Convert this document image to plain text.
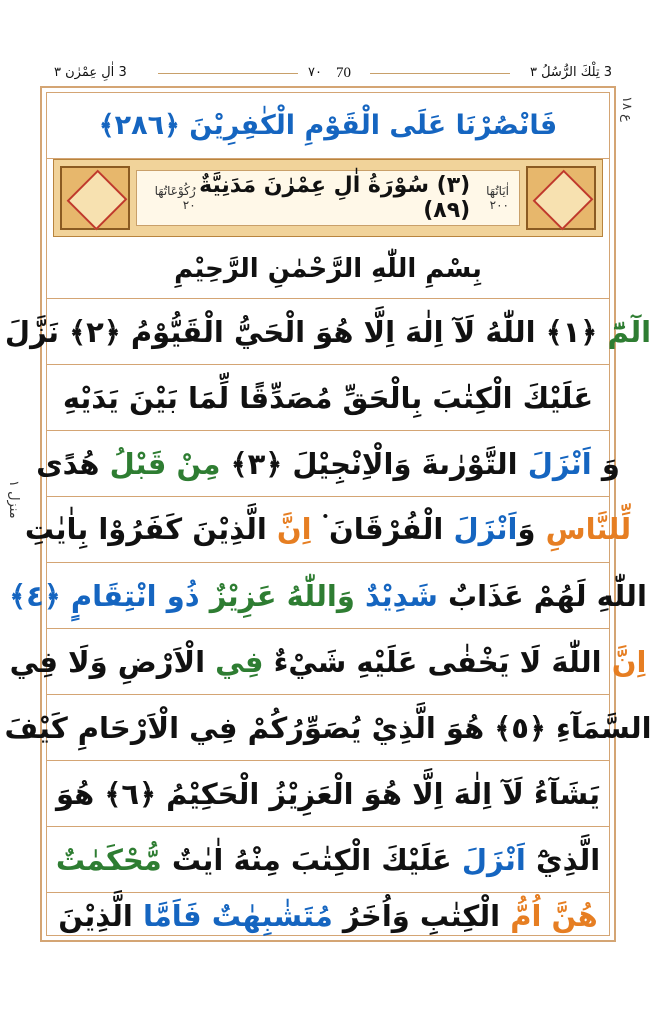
3 اٰلِ عِمْرٰن ٣	٧٠ 70	3 تِلْكَ الرُّسُلُ ٣
ع ١٨
منزل ١
فَانْصُرْنَا عَلَى الْقَوْمِ الْكٰفِرِيْنَ ﴿٢٨٦﴾
اٰيَاتُهَا ٢٠٠
(٣) سُوْرَةُ اٰلِ عِمْرٰنَ مَدَنِيَّةٌ (٨٩)
رُكُوْعَاتُهَا ٢٠
بِسْمِ اللّٰهِ الرَّحْمٰنِ الرَّحِيْمِ
الٓمّٓ ﴿١﴾ اللّٰهُ لَآ اِلٰهَ اِلَّا هُوَ الْحَيُّ الْقَيُّوْمُ ﴿٢﴾ نَزَّلَ
عَلَيْكَ الْكِتٰبَ بِالْحَقِّ مُصَدِّقًا لِّمَا بَيْنَ يَدَيْهِ
وَ اَنْزَلَ التَّوْرٰىةَ وَالْاِنْجِيْلَ ﴿٣﴾ مِنْ قَبْلُ هُدًى
لِّلنَّاسِ وَاَنْزَلَ الْفُرْقَانَ ۬ اِنَّ الَّذِيْنَ كَفَرُوْا بِاٰيٰتِ
اللّٰهِ لَهُمْ عَذَابٌ شَدِيْدٌ وَاللّٰهُ عَزِيْزٌ ذُو انْتِقَامٍ ﴿٤﴾
اِنَّ اللّٰهَ لَا يَخْفٰى عَلَيْهِ شَيْءٌ فِي الْاَرْضِ وَلَا فِي
السَّمَآءِ ﴿٥﴾ هُوَ الَّذِيْ يُصَوِّرُكُمْ فِي الْاَرْحَامِ كَيْفَ
يَشَآءُ لَآ اِلٰهَ اِلَّا هُوَ الْعَزِيْزُ الْحَكِيْمُ ﴿٦﴾ هُوَ
الَّذِيْٓ اَنْزَلَ عَلَيْكَ الْكِتٰبَ مِنْهُ اٰيٰتٌ مُّحْكَمٰتٌ
هُنَّ اُمُّ الْكِتٰبِ وَاُخَرُ مُتَشٰبِهٰتٌ فَاَمَّا الَّذِيْنَ
